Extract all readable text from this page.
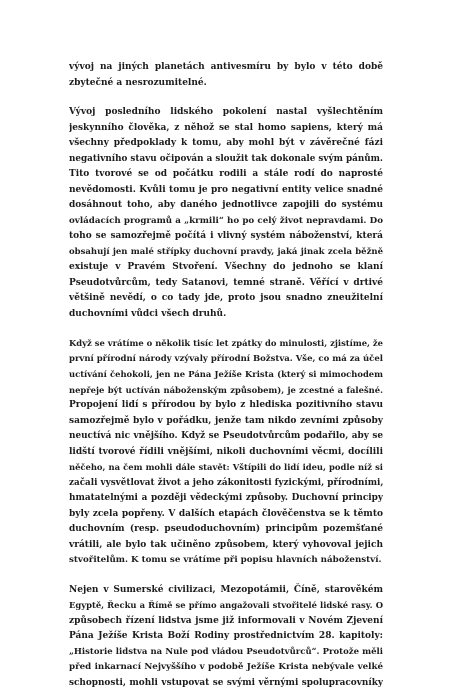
vývoj na jiných planetách antivesmíru by bylo v této době
zbytečné a nesrozumitelné.

Vývoj posledního lidského pokolení nastal vyšlechtěním
jeskynního člověka, z něhož se stal homo sapiens, který má
všechny předpoklady k tomu, aby mohl být v závěrečné fázi
negativního stavu očipován a sloužit tak dokonale svým pánům.
Tito tvorové se od počátku rodili a stále rodí do naprosté
nevědomosti. Kvůli tomu je pro negativní entity velice snadné
dosáhnout toho, aby daného jednotlivce zapojili do systému
ovládacích programů a „krmili“ ho po celý život nepravdami. Do
toho se samozřejmě počítá i vlivný systém náboženství, která
obsahují jen malé střípky duchovní pravdy, jaká jinak zcela běžně
existuje v Pravém Stvoření. Všechny do jednoho se klaní
Pseudotvůrcům, tedy Satanovi, temné straně. Věřící v drtivé
většině nevědí, o co tady jde, proto jsou snadno zneužitelní
duchovními vůdci všech druhů.

Když se vrátíme o několik tisíc let zpátky do minulosti, zjistíme, že
první přírodní národy vzývaly přírodní Božstva. Vše, co má za účel
uctívání čehokoli, jen ne Pána Ježíše Krista (který si mimochodem
nepřeje být uctíván náboženským způsobem), je zcestné a falešné.
Propojení lidí s přírodou by bylo z hlediska pozitivního stavu
samozřejmě bylo v pořádku, jenže tam nikdo zevními způsoby
neuctívá nic vnějšího. Když se Pseudotvůrcům podařilo, aby se
lidští tvorové řídili vnějšími, nikoli duchovními věcmi, docílili
něčeho, na čem mohli dále stavět: Vštípili do lidí ideu, podle níž si
začali vysvětlovat život a jeho zákonitosti fyzickými, přírodními,
hmatatelnými a později vědeckými způsoby. Duchovní principy
byly zcela popřeny. V dalších etapách člověčenstva se k těmto
duchovním (resp. pseudoduchovním) principům pozemšťané
vrátili, ale bylo tak učiněno způsobem, který vyhovoval jejich
stvořitelům. K tomu se vrátíme při popisu hlavních náboženství.

Nejen v Sumerské civilizaci, Mezopotámii, Číně, starověkém
Egyptě, Řecku a Římě se přímo angažovali stvořitelé lidské rasy. O
způsobech řízení lidstva jsme již informovali v Novém Zjevení
Pána Ježíše Krista Boží Rodiny prostřednictvím 28. kapitoly:
„Historie lidstva na Nule pod vládou Pseudotvůrců“. Protože měli
před inkarnací Nejvyššího v podobě Ježíše Krista nebývale velké
schopnosti, mohli vstupovat se svými věrnými spolupracovníky
